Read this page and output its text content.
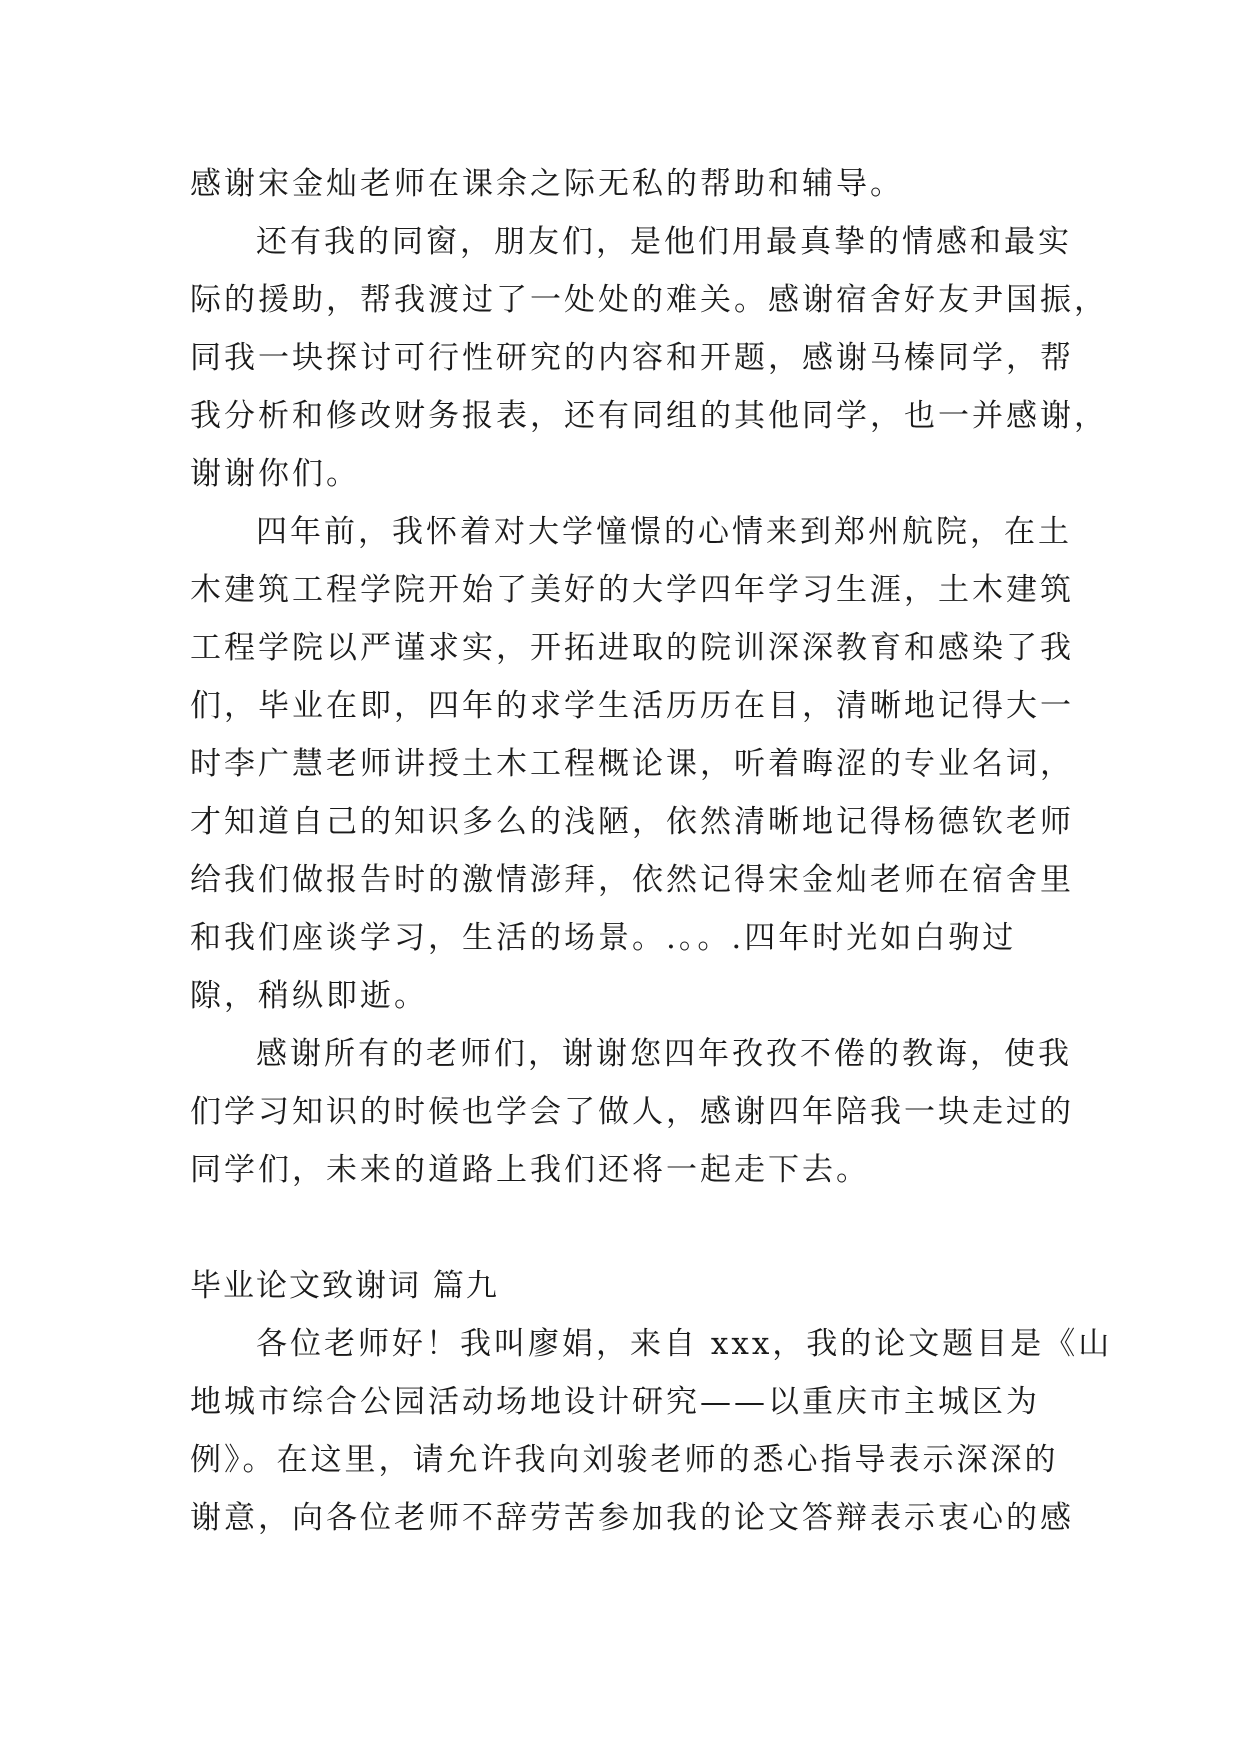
感谢宋金灿老师在课余之际无私的帮助和辅导。
还有我的同窗，朋友们，是他们用最真挚的情感和最实
际的援助，帮我渡过了一处处的难关。感谢宿舍好友尹国振，
同我一块探讨可行性研究的内容和开题，感谢马榛同学，帮
我分析和修改财务报表，还有同组的其他同学，也一并感谢，
谢谢你们。
四年前，我怀着对大学憧憬的心情来到郑州航院，在土
木建筑工程学院开始了美好的大学四年学习生涯，土木建筑
工程学院以严谨求实，开拓进取的院训深深教育和感染了我
们，毕业在即，四年的求学生活历历在目，清晰地记得大一
时李广慧老师讲授土木工程概论课，听着晦涩的专业名词，
才知道自己的知识多么的浅陋，依然清晰地记得杨德钦老师
给我们做报告时的激情澎拜，依然记得宋金灿老师在宿舍里
和我们座谈学习，生活的场景。.。。.四年时光如白驹过
隙，稍纵即逝。
感谢所有的老师们，谢谢您四年孜孜不倦的教诲，使我
们学习知识的时候也学会了做人，感谢四年陪我一块走过的
同学们，未来的道路上我们还将一起走下去。
毕业论文致谢词 篇九
各位老师好！我叫廖娟，来自 xxx，我的论文题目是《山
地城市综合公园活动场地设计研究——以重庆市主城区为
例》。在这里，请允许我向刘骏老师的悉心指导表示深深的
谢意，向各位老师不辞劳苦参加我的论文答辩表示衷心的感
